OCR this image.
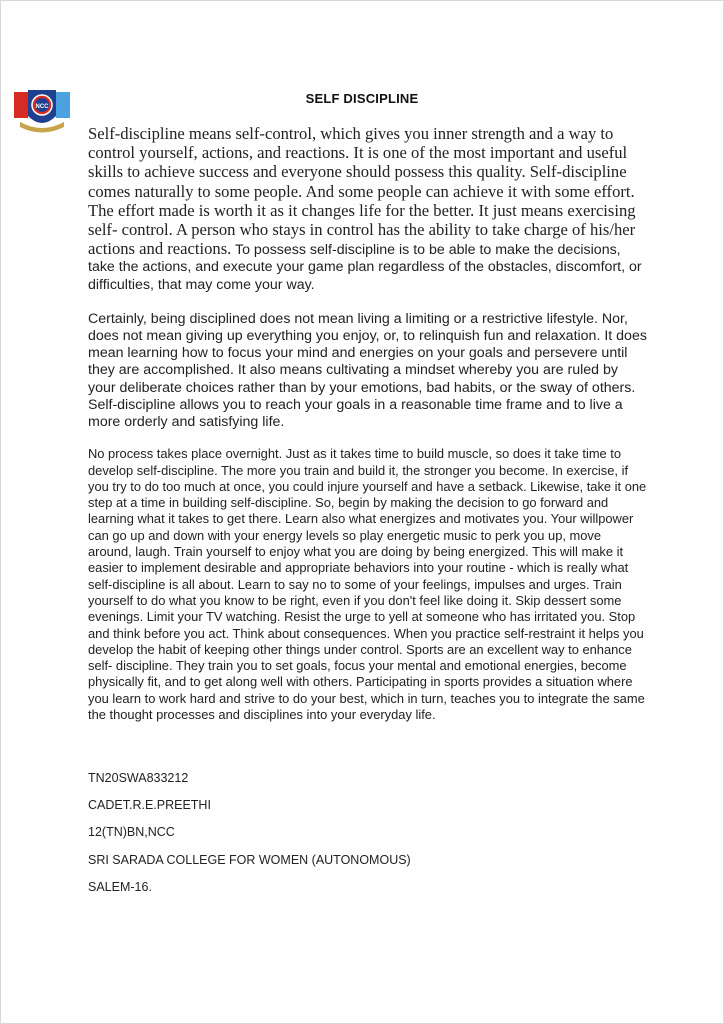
NCC
SELF DISCIPLINE

Self-discipline means self-control, which gives you inner strength and a way to control yourself, actions, and reactions. It is one of the most important and useful skills to achieve success and everyone should possess this quality. Self-discipline comes naturally to some people. And some people can achieve it with some effort. The effort made is worth it as it changes life for the better. It just means exercising self- control. A person who stays in control has the ability to take charge of his/her actions and reactions. To possess self-discipline is to be able to make the decisions, take the actions, and execute your game plan regardless of the obstacles, discomfort, or difficulties, that may come your way.

Certainly, being disciplined does not mean living a limiting or a restrictive lifestyle. Nor, does not mean giving up everything you enjoy, or, to relinquish fun and relaxation. It does mean learning how to focus your mind and energies on your goals and persevere until they are accomplished. It also means cultivating a mindset whereby you are ruled by your deliberate choices rather than by your emotions, bad habits, or the sway of others. Self-discipline allows you to reach your goals in a reasonable time frame and to live a more orderly and satisfying life.

No process takes place overnight. Just as it takes time to build muscle, so does it take time to develop self-discipline. The more you train and build it, the stronger you become. In exercise, if you try to do too much at once, you could injure yourself and have a setback. Likewise, take it one step at a time in building self-discipline. So, begin by making the decision to go forward and learning what it takes to get there. Learn also what energizes and motivates you. Your willpower can go up and down with your energy levels so play energetic music to perk you up, move around, laugh. Train yourself to enjoy what you are doing by being energized. This will make it easier to implement desirable and appropriate behaviors into your routine - which is really what self-discipline is all about. Learn to say no to some of your feelings, impulses and urges. Train yourself to do what you know to be right, even if you don't feel like doing it. Skip dessert some evenings. Limit your TV watching. Resist the urge to yell at someone who has irritated you. Stop and think before you act. Think about consequences. When you practice self-restraint it helps you develop the habit of keeping other things under control. Sports are an excellent way to enhance self- discipline. They train you to set goals, focus your mental and emotional energies, become physically fit, and to get along well with others. Participating in sports provides a situation where you learn to work hard and strive to do your best, which in turn, teaches you to integrate the same the thought processes and disciplines into your everyday life.

TN20SWA833212
CADET.R.E.PREETHI
12(TN)BN,NCC
SRI SARADA COLLEGE FOR WOMEN (AUTONOMOUS)
SALEM-16.
